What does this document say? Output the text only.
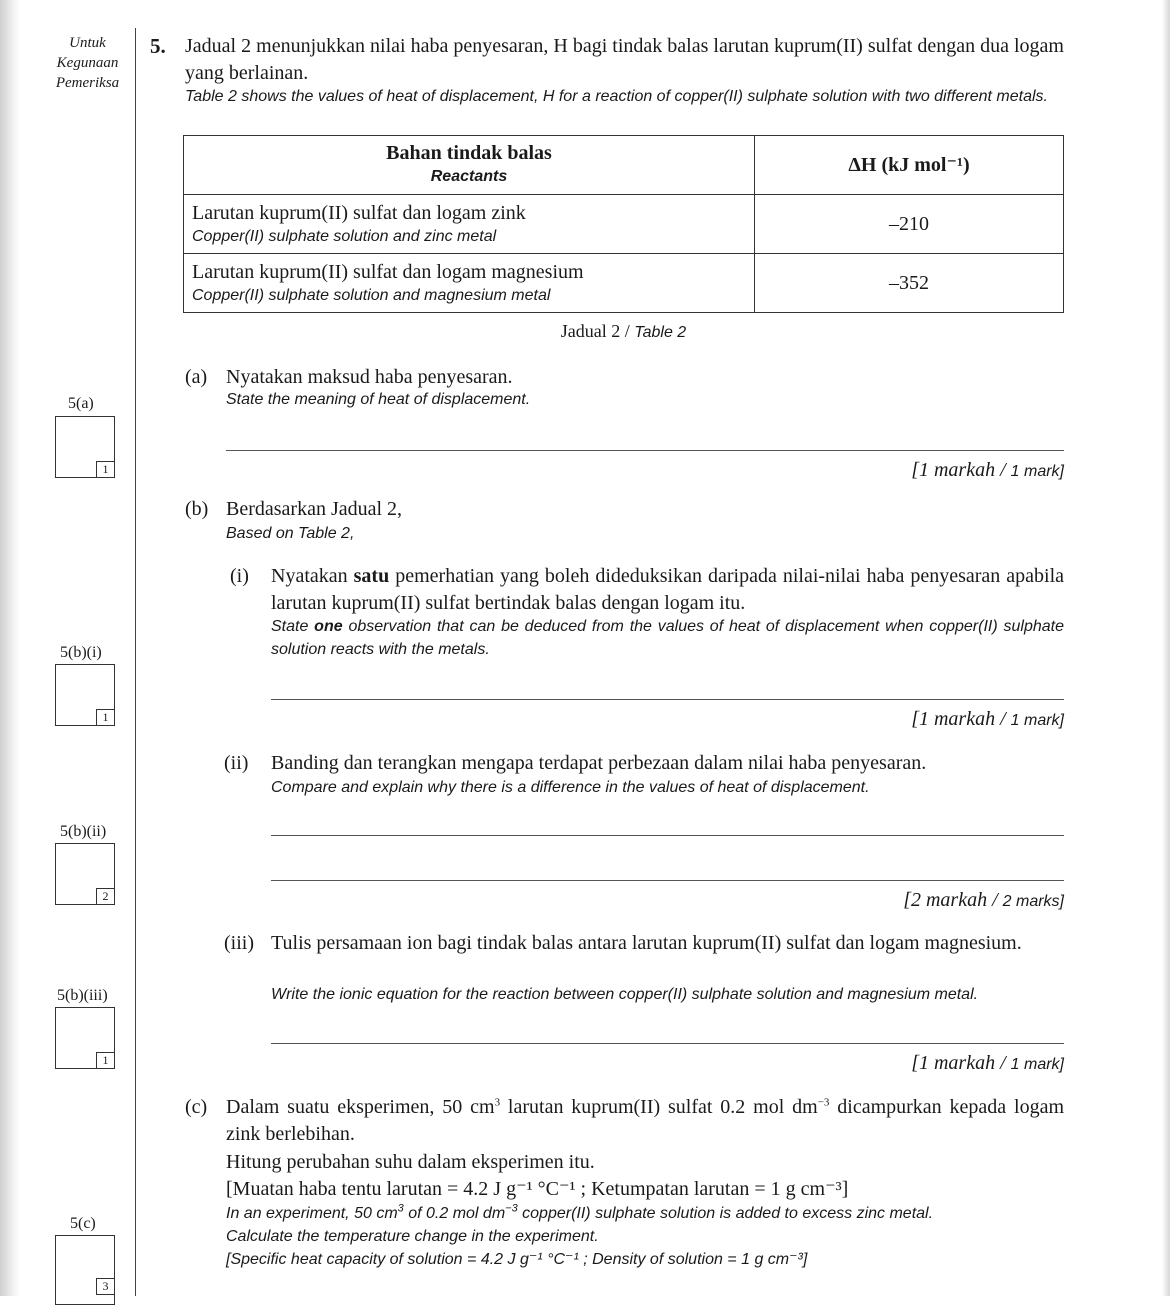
Untuk
Kegunaan
Pemeriksa
5. Jadual 2 menunjukkan nilai haba penyesaran, H bagi tindak balas larutan kuprum(II) sulfat dengan dua logam yang berlainan.
Table 2 shows the values of heat of displacement, H for a reaction of copper(II) sulphate solution with two different metals.
Bahan tindak balas
Reactants	ΔH (kJ mol⁻¹)

Larutan kuprum(II) sulfat dan logam zink
Copper(II) sulphate solution and zinc metal	–210

Larutan kuprum(II) sulfat dan logam magnesium
Copper(II) sulphate solution and magnesium metal	–352
Jadual 2 / Table 2
5(a)
1
(a) Nyatakan maksud haba penyesaran.
State the meaning of heat of displacement.
[1 markah / 1 mark]
(b) Berdasarkan Jadual 2,
Based on Table 2,
5(b)(i)
1
(i) Nyatakan satu pemerhatian yang boleh dideduksikan daripada nilai-nilai haba penyesaran apabila larutan kuprum(II) sulfat bertindak balas dengan logam itu.
State one observation that can be deduced from the values of heat of displacement when copper(II) sulphate solution reacts with the metals.
[1 markah / 1 mark]
5(b)(ii)
2
(ii) Banding dan terangkan mengapa terdapat perbezaan dalam nilai haba penyesaran.
Compare and explain why there is a difference in the values of heat of displacement.
[2 markah / 2 marks]
5(b)(iii)
1
(iii) Tulis persamaan ion bagi tindak balas antara larutan kuprum(II) sulfat dan logam magnesium.
Write the ionic equation for the reaction between copper(II) sulphate solution and magnesium metal.
[1 markah / 1 mark]
5(c)
3
(c) Dalam suatu eksperimen, 50 $cm^3$ larutan kuprum(II) sulfat 0.2 mol $dm^{-3}$ dicampurkan kepada logam zink berlebihan.
Hitung perubahan suhu dalam eksperimen itu.
[Muatan haba tentu larutan = 4.2 J g⁻¹ °C⁻¹ ; Ketumpatan larutan = 1 g cm⁻³]
In an experiment, 50 $cm^3$ of 0.2 mol $dm^{-3}$ copper(II) sulphate solution is added to excess zinc metal.
Calculate the temperature change in the experiment.
[Specific heat capacity of solution = 4.2 J g⁻¹ °C⁻¹ ; Density of solution = 1 g cm⁻³]
